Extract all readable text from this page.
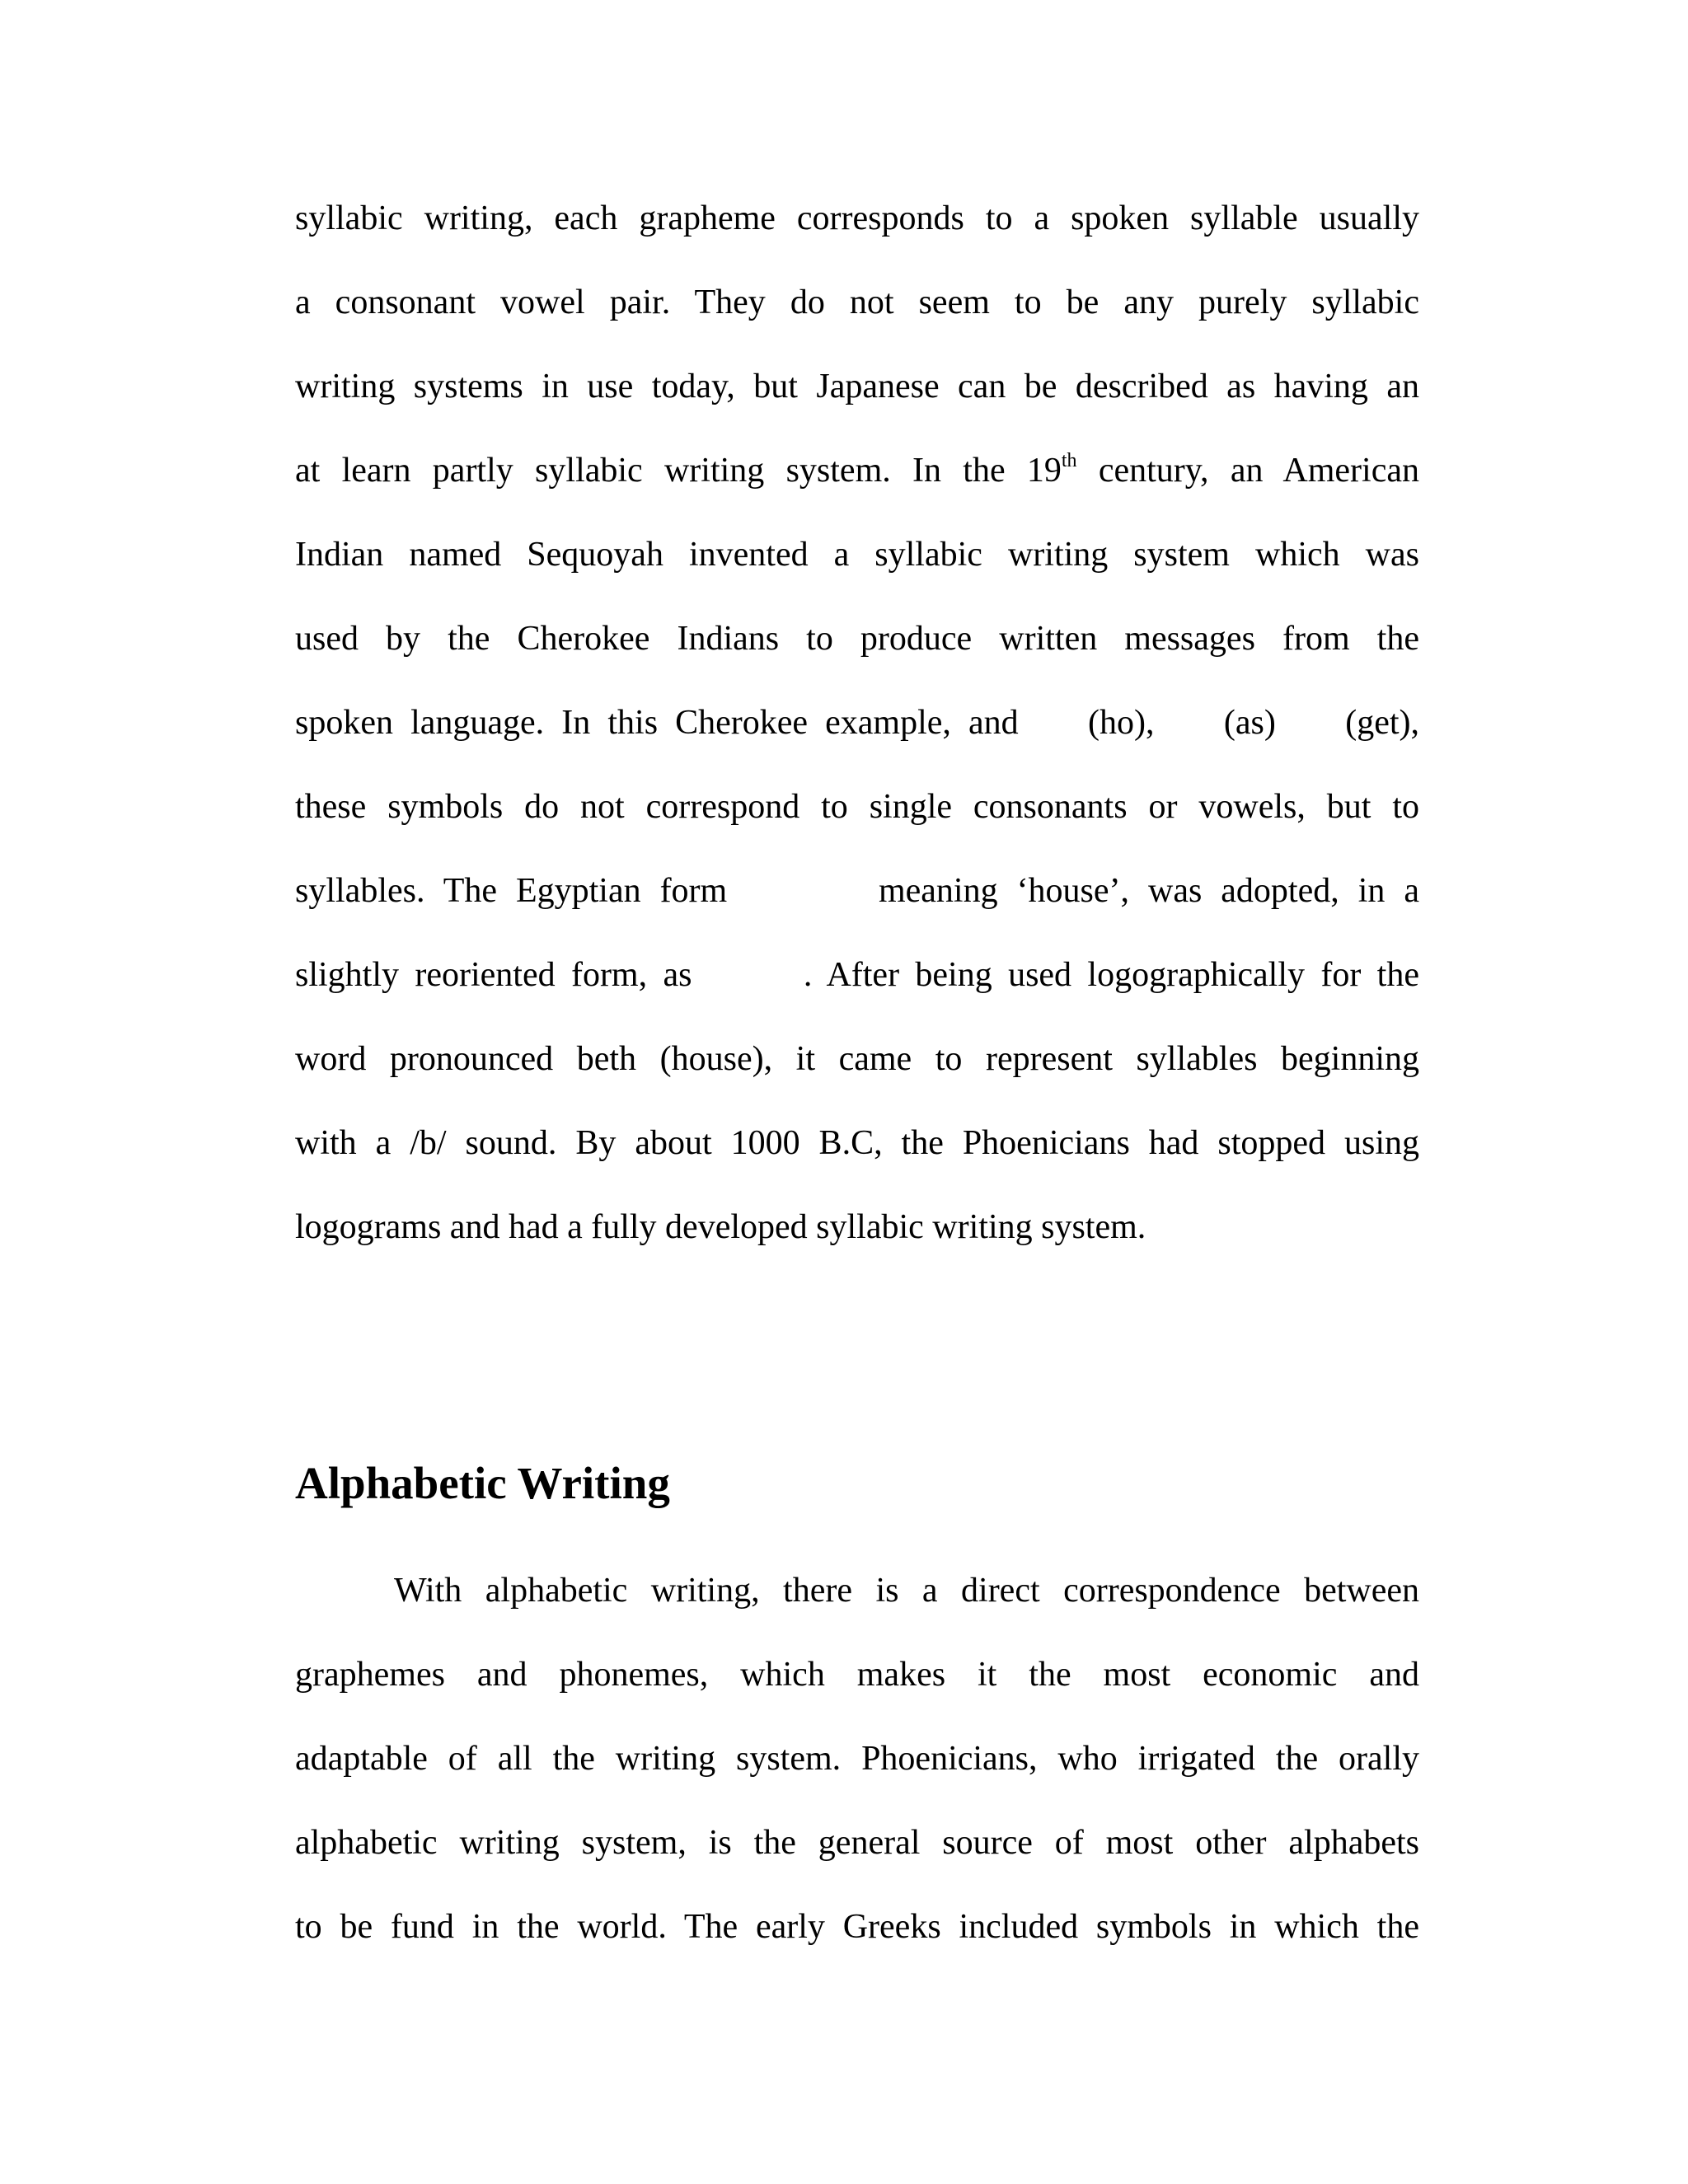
syllabic writing, each grapheme corresponds to a spoken syllable usually
a consonant vowel pair. They do not seem to be any purely syllabic
writing systems in use today, but Japanese can be described as having an
at learn partly syllabic writing system. In the 19th century, an American
Indian named Sequoyah invented a syllabic writing system which was
used by the Cherokee Indians to produce written messages from the
spoken language. In this Cherokee example, and    (ho),    (as)    (get),
these symbols do not correspond to single consonants or vowels, but to
syllables. The Egyptian form        meaning ‘house’, was adopted, in a
slightly reoriented form, as       . After being used logographically for the
word pronounced beth (house), it came to represent syllables beginning
with a /b/ sound. By about 1000 B.C, the Phoenicians had stopped using
logograms and had a fully developed syllabic writing system.
Alphabetic Writing
With alphabetic writing, there is a direct correspondence between
graphemes and phonemes, which makes it the most economic and
adaptable of all the writing system. Phoenicians, who irrigated the orally
alphabetic writing system, is the general source of most other alphabets
to be fund in the world. The early Greeks included symbols in which the
